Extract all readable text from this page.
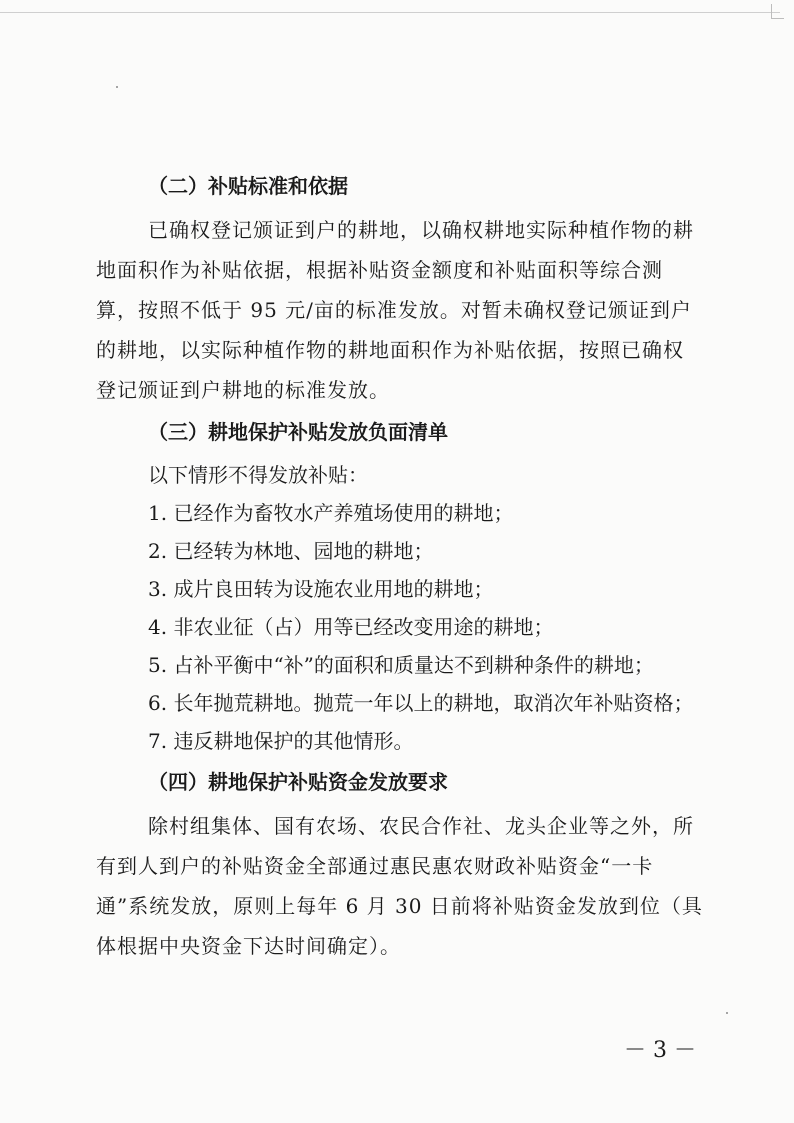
（二）补贴标准和依据
已确权登记颁证到户的耕地，以确权耕地实际种植作物的耕
地面积作为补贴依据，根据补贴资金额度和补贴面积等综合测
算，按照不低于 95 元/亩的标准发放。对暂未确权登记颁证到户
的耕地，以实际种植作物的耕地面积作为补贴依据，按照已确权
登记颁证到户耕地的标准发放。
（三）耕地保护补贴发放负面清单
以下情形不得发放补贴：
1. 已经作为畜牧水产养殖场使用的耕地；
2. 已经转为林地、园地的耕地；
3. 成片良田转为设施农业用地的耕地；
4. 非农业征（占）用等已经改变用途的耕地；
5. 占补平衡中“补”的面积和质量达不到耕种条件的耕地；
6. 长年抛荒耕地。抛荒一年以上的耕地，取消次年补贴资格；
7. 违反耕地保护的其他情形。
（四）耕地保护补贴资金发放要求
除村组集体、国有农场、农民合作社、龙头企业等之外，所
有到人到户的补贴资金全部通过惠民惠农财政补贴资金“一卡
通”系统发放，原则上每年 6 月 30 日前将补贴资金发放到位（具
体根据中央资金下达时间确定）。
－ 3 －
